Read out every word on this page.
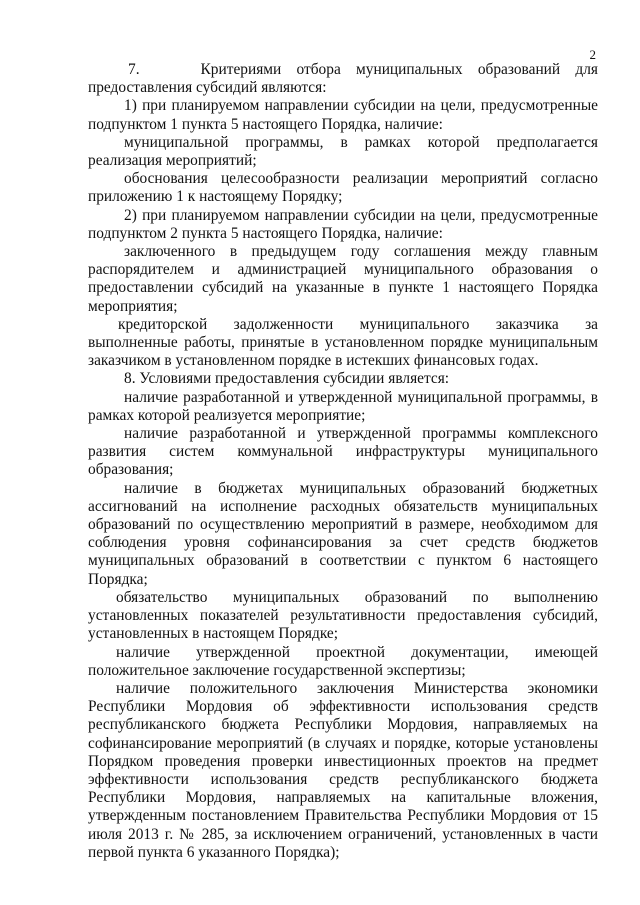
2

7.    Критериями отбора муниципальных образований для предоставления субсидий являются:

1) при планируемом направлении субсидии на цели, предусмотренные подпунктом 1 пункта 5 настоящего Порядка, наличие:

муниципальной программы, в рамках которой предполагается реализация мероприятий;

обоснования целесообразности реализации мероприятий согласно приложению 1 к настоящему Порядку;

2) при планируемом направлении субсидии на цели, предусмотренные подпунктом 2 пункта 5 настоящего Порядка, наличие:

заключенного в предыдущем году соглашения между главным распорядителем и администрацией муниципального образования о предоставлении субсидий на указанные в пункте 1 настоящего Порядка мероприятия;

кредиторской задолженности муниципального заказчика за выполненные работы, принятые в установленном порядке муниципальным заказчиком в установленном порядке в истекших финансовых годах.

8. Условиями предоставления субсидии является:

наличие разработанной и утвержденной муниципальной программы, в рамках которой реализуется мероприятие;

наличие разработанной и утвержденной программы комплексного развития систем коммунальной инфраструктуры муниципального образования;

наличие в бюджетах муниципальных образований бюджетных ассигнований на исполнение расходных обязательств муниципальных образований по осуществлению мероприятий в размере, необходимом для соблюдения уровня софинансирования за счет средств бюджетов муниципальных образований в соответствии с пунктом 6 настоящего Порядка;

обязательство муниципальных образований по выполнению установленных показателей результативности предоставления субсидий, установленных в настоящем Порядке;

наличие утвержденной проектной документации, имеющей положительное заключение государственной экспертизы;

наличие положительного заключения Министерства экономики Республики Мордовия об эффективности использования средств республиканского бюджета Республики Мордовия, направляемых на софинансирование мероприятий (в случаях и порядке, которые установлены Порядком проведения проверки инвестиционных проектов на предмет эффективности использования средств республиканского бюджета Республики Мордовия, направляемых на капитальные вложения, утвержденным постановлением Правительства Республики Мордовия от 15 июля 2013 г. № 285, за исключением ограничений, установленных в части первой пункта 6 указанного Порядка);
